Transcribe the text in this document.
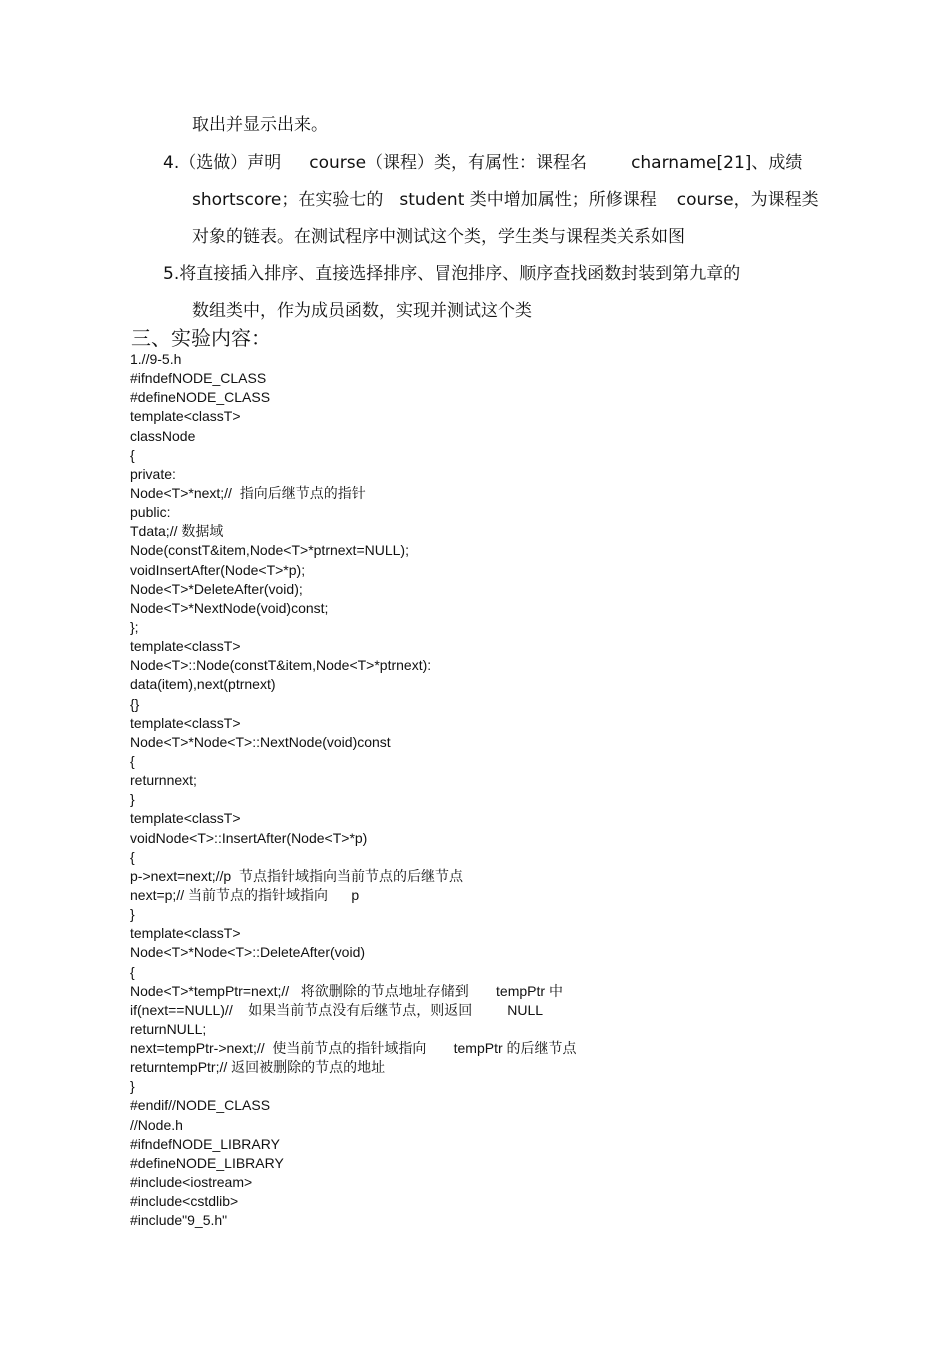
取出并显示出来。
4.（选做）声明 course（课程）类，有属性：课程名	charname[21]、成绩
shortscore；在实验七的 student 类中增加属性；所修课程 course，为课程类
对象的链表。在测试程序中测试这个类，学生类与课程类关系如图
5.将直接插入排序、直接选择排序、冒泡排序、顺序查找函数封装到第九章的
数组类中，作为成员函数，实现并测试这个类
三、实验内容：
1.//9-5.h
#ifndefNODE_CLASS
#defineNODE_CLASS
template<classT>
classNode
{
private:
Node<T>*next;//  指向后继节点的指针
public:
Tdata;// 数据域
Node(constT&item,Node<T>*ptrnext=NULL);
voidInsertAfter(Node<T>*p);
Node<T>*DeleteAfter(void);
Node<T>*NextNode(void)const;
};
template<classT>
Node<T>::Node(constT&item,Node<T>*ptrnext):
data(item),next(ptrnext)
{}
template<classT>
Node<T>*Node<T>::NextNode(void)const
{
returnnext;
}
template<classT>
voidNode<T>::InsertAfter(Node<T>*p)
{
p->next=next;//p  节点指针域指向当前节点的后继节点
next=p;// 当前节点的指针域指向      p
}
template<classT>
Node<T>*Node<T>::DeleteAfter(void)
{
Node<T>*tempPtr=next;//   将欲删除的节点地址存储到       tempPtr 中
if(next==NULL)//    如果当前节点没有后继节点，则返回         NULL
returnNULL;
next=tempPtr->next;//  使当前节点的指针域指向       tempPtr 的后继节点
returntempPtr;// 返回被删除的节点的地址
}
#endif//NODE_CLASS
//Node.h
#ifndefNODE_LIBRARY
#defineNODE_LIBRARY
#include<iostream>
#include<cstdlib>
#include"9_5.h"
